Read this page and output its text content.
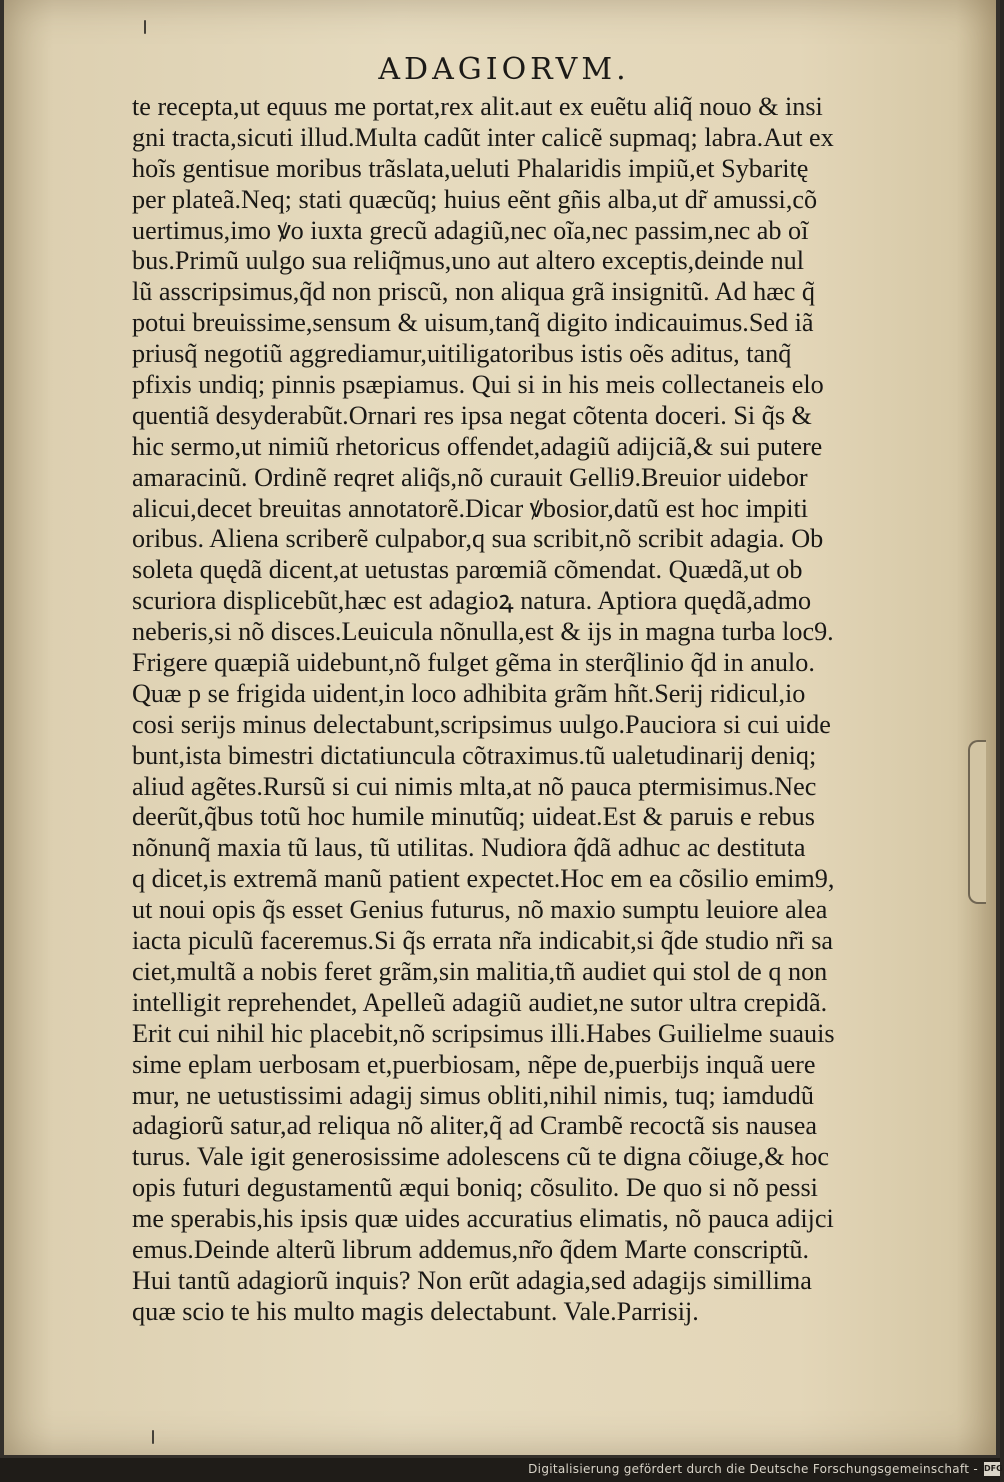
ADAGIORVM.
te recepta,ut equus me portat,rex alit.aut ex euẽtu aliq̃ nouo & insi
gni tracta,sicuti illud.Multa cadũt inter calicẽ supmaq; labra.Aut ex
hoĩs gentisue moribus trãslata,ueluti Phalaridis impiũ,et Sybaritę
per plateã.Neq; stati quæcũq; huius eẽnt gñis alba,ut dr̃ amussi,cõ
uertimus,imo ꝟo iuxta grecũ adagiũ,nec oĩa,nec passim,nec ab oĩ
bus.Primũ uulgo sua reliq̃mus,uno aut altero exceptis,deinde nul
lũ asscripsimus,q̃d non priscũ, non aliqua grã insignitũ. Ad hæc q̃
potui breuissime,sensum & uisum,tanq̃ digito indicauimus.Sed iã
priusq̃ negotiũ aggrediamur,uitiligatoribus istis oẽs aditus, tanq̃
pfixis undiq; pinnis psæpiamus. Qui si in his meis collectaneis elo
quentiã desyderabũt.Ornari res ipsa negat cõtenta doceri. Si q̃s &
hic sermo,ut nimiũ rhetoricus offendet,adagiũ adĳciã,& sui putere
amaracinũ. Ordinẽ reqret aliq̃s,nõ curauit Gelli9.Breuior uidebor
alicui,decet breuitas annotatorẽ.Dicar ꝟbosior,datũ est hoc impiti
oribus. Aliena scriberẽ culpabor,q sua scribit,nõ scribit adagia. Ob
soleta quędã dicent,at uetustas parœmiã cõmendat. Quædã,ut ob
scuriora displicebũt,hæc est adagioꝝ natura. Aptiora quędã,admo
neberis,si nõ disces.Leuicula nõnulla,est & ĳs in magna turba loc9.
Frigere quæpiã uidebunt,nõ fulget gẽma in sterq̃linio q̃d in anulo.
Quæ p se frigida uident,in loco adhibita grãm hñt.Serĳ ridicul,io
cosi serĳs minus delectabunt,scripsimus uulgo.Pauciora si cui uide
bunt,ista bimestri dictatiuncula cõtraximus.tũ ualetudinarĳ deniq;
aliud agẽtes.Rursũ si cui nimis mlta,at nõ pauca ptermisimus.Nec
deerũt,q̃bus totũ hoc humile minutũq; uideat.Est & paruis e rebus
nõnunq̃ maxia tũ laus, tũ utilitas. Nudiora q̃dã adhuc ac destituta
q dicet,is extremã manũ patient expectet.Hoc em ea cõsilio emim9,
ut noui opis q̃s esset Genius futurus, nõ maxio sumptu leuiore alea
iacta piculũ faceremus.Si q̃s errata nr̃a indicabit,si q̃de studio nr̃i sa
ciet,multã a nobis feret grãm,sin malitia,tñ audiet qui stol de q non
intelligit reprehendet, Apelleũ adagiũ audiet,ne sutor ultra crepidã.
Erit cui nihil hic placebit,nõ scripsimus illi.Habes Guilielme suauis
sime eplam uerbosam et,puerbiosam, nẽpe de,puerbĳs inquã uere
mur, ne uetustissimi adagĳ simus obliti,nihil nimis, tuq; iamdudũ
adagiorũ satur,ad reliqua nõ aliter,q̃ ad Crambẽ recoctã sis nausea
turus. Vale igit generosissime adolescens cũ te digna cõiuge,& hoc
opis futuri degustamentũ æqui boniq; cõsulito. De quo si nõ pessi
me sperabis,his ipsis quæ uides accuratius elimatis, nõ pauca adĳci
emus.Deinde alterũ librum addemus,nr̃o q̃dem Marte conscriptũ.
Hui tantũ adagiorũ inquis? Non erũt adagia,sed adagĳs simillima
quæ scio te his multo magis delectabunt. Vale.Parrisĳ.
Digitalisierung gefördert durch die Deutsche Forschungsgemeinschaft - DFG
